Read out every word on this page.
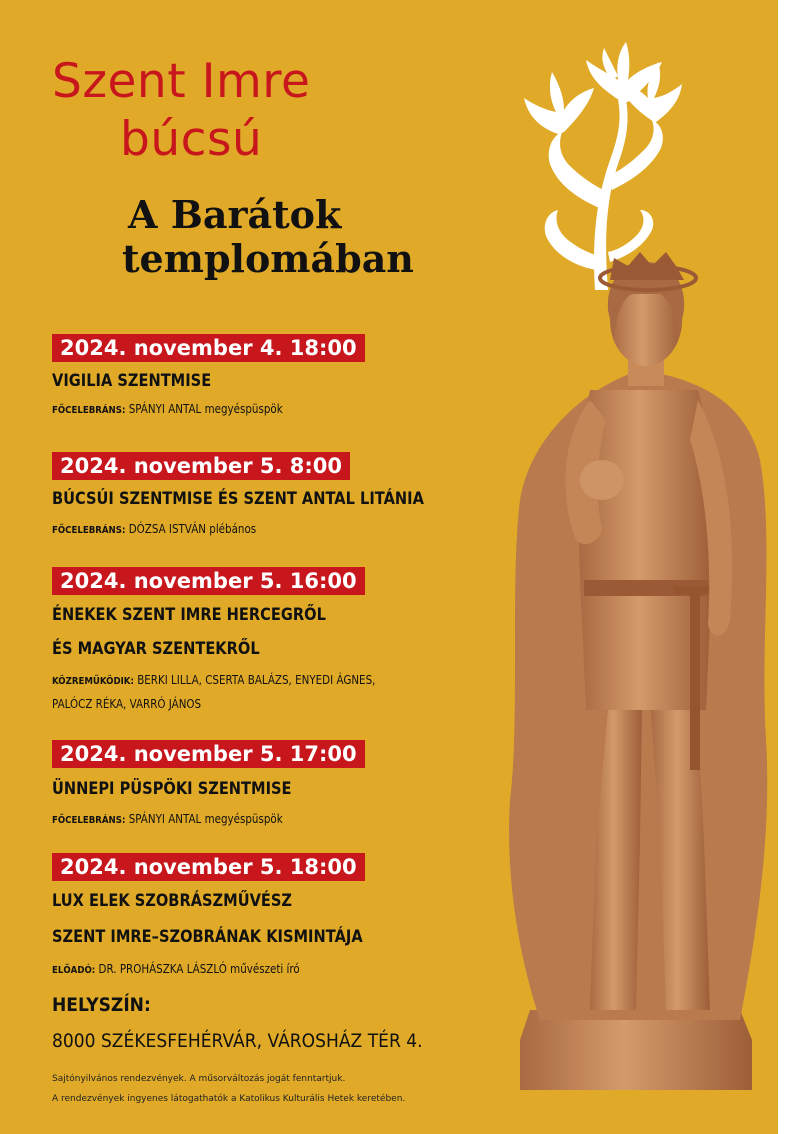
Szent Imre
búcsú
A Barátok
templomában
2024. november 4. 18:00
VIGILIA SZENTMISE
FŐCELEBRÁNS: SPÁNYI ANTAL megyéspüspök
2024. november 5. 8:00
BÚCSÚI SZENTMISE ÉS SZENT ANTAL LITÁNIA
FŐCELEBRÁNS: DÓZSA ISTVÁN plébános
2024. november 5. 16:00
ÉNEKEK SZENT IMRE HERCEGRŐL
ÉS MAGYAR SZENTEKRŐL
KÖZREMŰKÖDIK: BERKI LILLA, CSERTA BALÁZS, ENYEDI ÁGNES,
PALÓCZ RÉKA, VARRÓ JÁNOS
2024. november 5. 17:00
ÜNNEPI PÜSPÖKI SZENTMISE
FŐCELEBRÁNS: SPÁNYI ANTAL megyéspüspök
2024. november 5. 18:00
LUX ELEK SZOBRÁSZMŰVÉSZ
SZENT IMRE–SZOBRÁNAK KISMINTÁJA
ELŐADÓ: DR. PROHÁSZKA LÁSZLÓ művészeti író
HELYSZÍN:
8000 SZÉKESFEHÉRVÁR, VÁROSHÁZ TÉR 4.
Sajtónyilvános rendezvények. A műsorváltozás jogát fenntartjuk.
A rendezvények ingyenes látogathatók a Katolikus Kulturális Hetek keretében.
